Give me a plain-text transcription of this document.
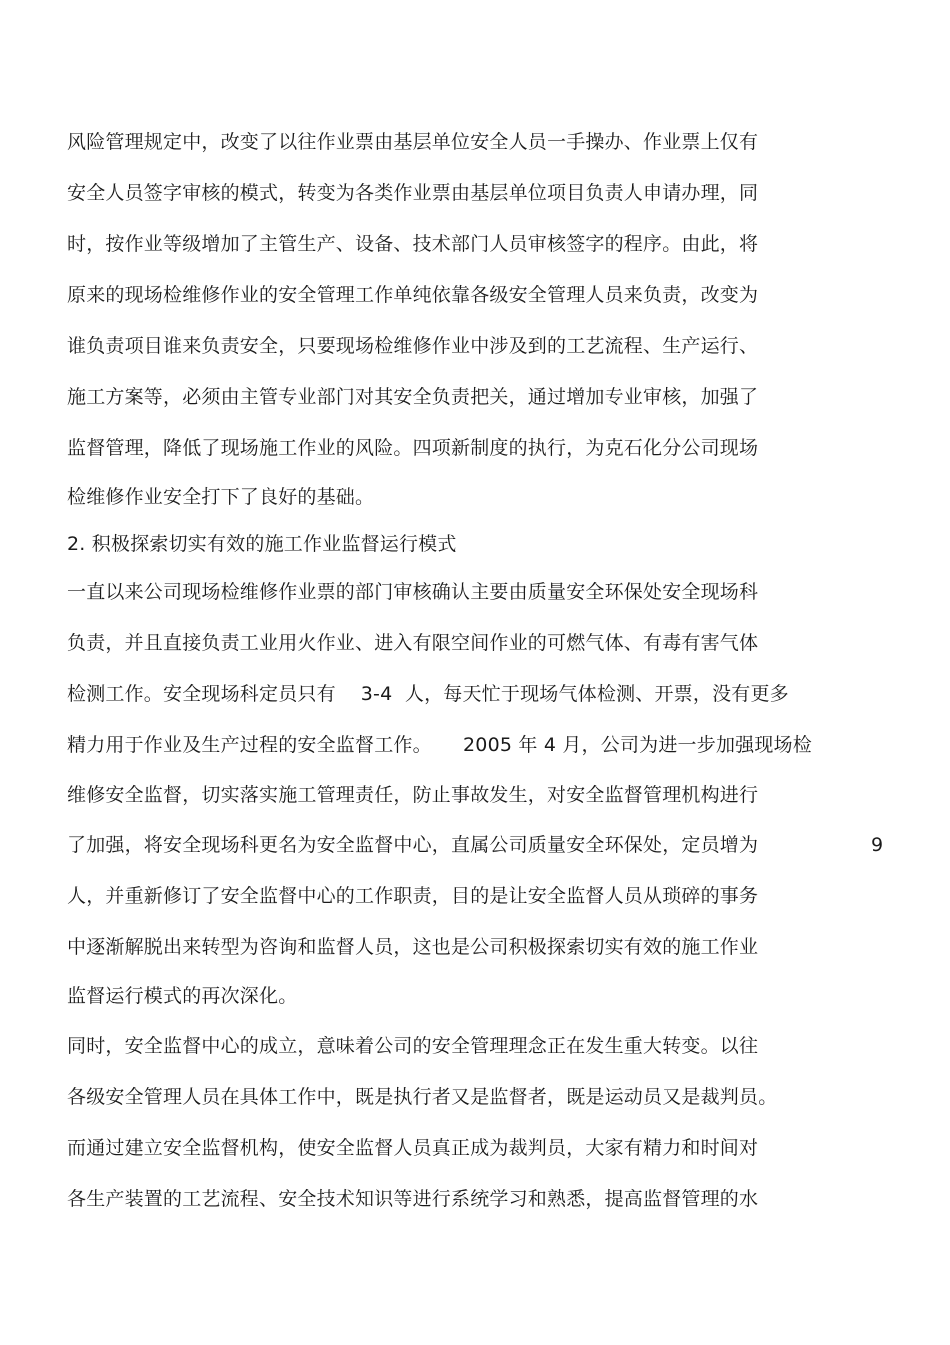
风险管理规定中，改变了以往作业票由基层单位安全人员一手操办、作业票上仅有
安全人员签字审核的模式，转变为各类作业票由基层单位项目负责人申请办理，同
时，按作业等级增加了主管生产、设备、技术部门人员审核签字的程序。由此，将
原来的现场检维修作业的安全管理工作单纯依靠各级安全管理人员来负责，改变为
谁负责项目谁来负责安全，只要现场检维修作业中涉及到的工艺流程、生产运行、
施工方案等，必须由主管专业部门对其安全负责把关，通过增加专业审核，加强了
监督管理，降低了现场施工作业的风险。四项新制度的执行，为克石化分公司现场
检维修作业安全打下了良好的基础。
2. 积极探索切实有效的施工作业监督运行模式
一直以来公司现场检维修作业票的部门审核确认主要由质量安全环保处安全现场科
负责，并且直接负责工业用火作业、进入有限空间作业的可燃气体、有毒有害气体
检测工作。安全现场科定员只有    3-4  人，每天忙于现场气体检测、开票，没有更多
精力用于作业及生产过程的安全监督工作。     2005 年 4 月，公司为进一步加强现场检
维修安全监督，切实落实施工管理责任，防止事故发生，对安全监督管理机构进行
了加强，将安全现场科更名为安全监督中心，直属公司质量安全环保处，定员增为	9
人，并重新修订了安全监督中心的工作职责，目的是让安全监督人员从琐碎的事务
中逐渐解脱出来转型为咨询和监督人员，这也是公司积极探索切实有效的施工作业
监督运行模式的再次深化。
同时，安全监督中心的成立，意味着公司的安全管理理念正在发生重大转变。以往
各级安全管理人员在具体工作中，既是执行者又是监督者，既是运动员又是裁判员。
而通过建立安全监督机构，使安全监督人员真正成为裁判员，大家有精力和时间对
各生产装置的工艺流程、安全技术知识等进行系统学习和熟悉，提高监督管理的水
